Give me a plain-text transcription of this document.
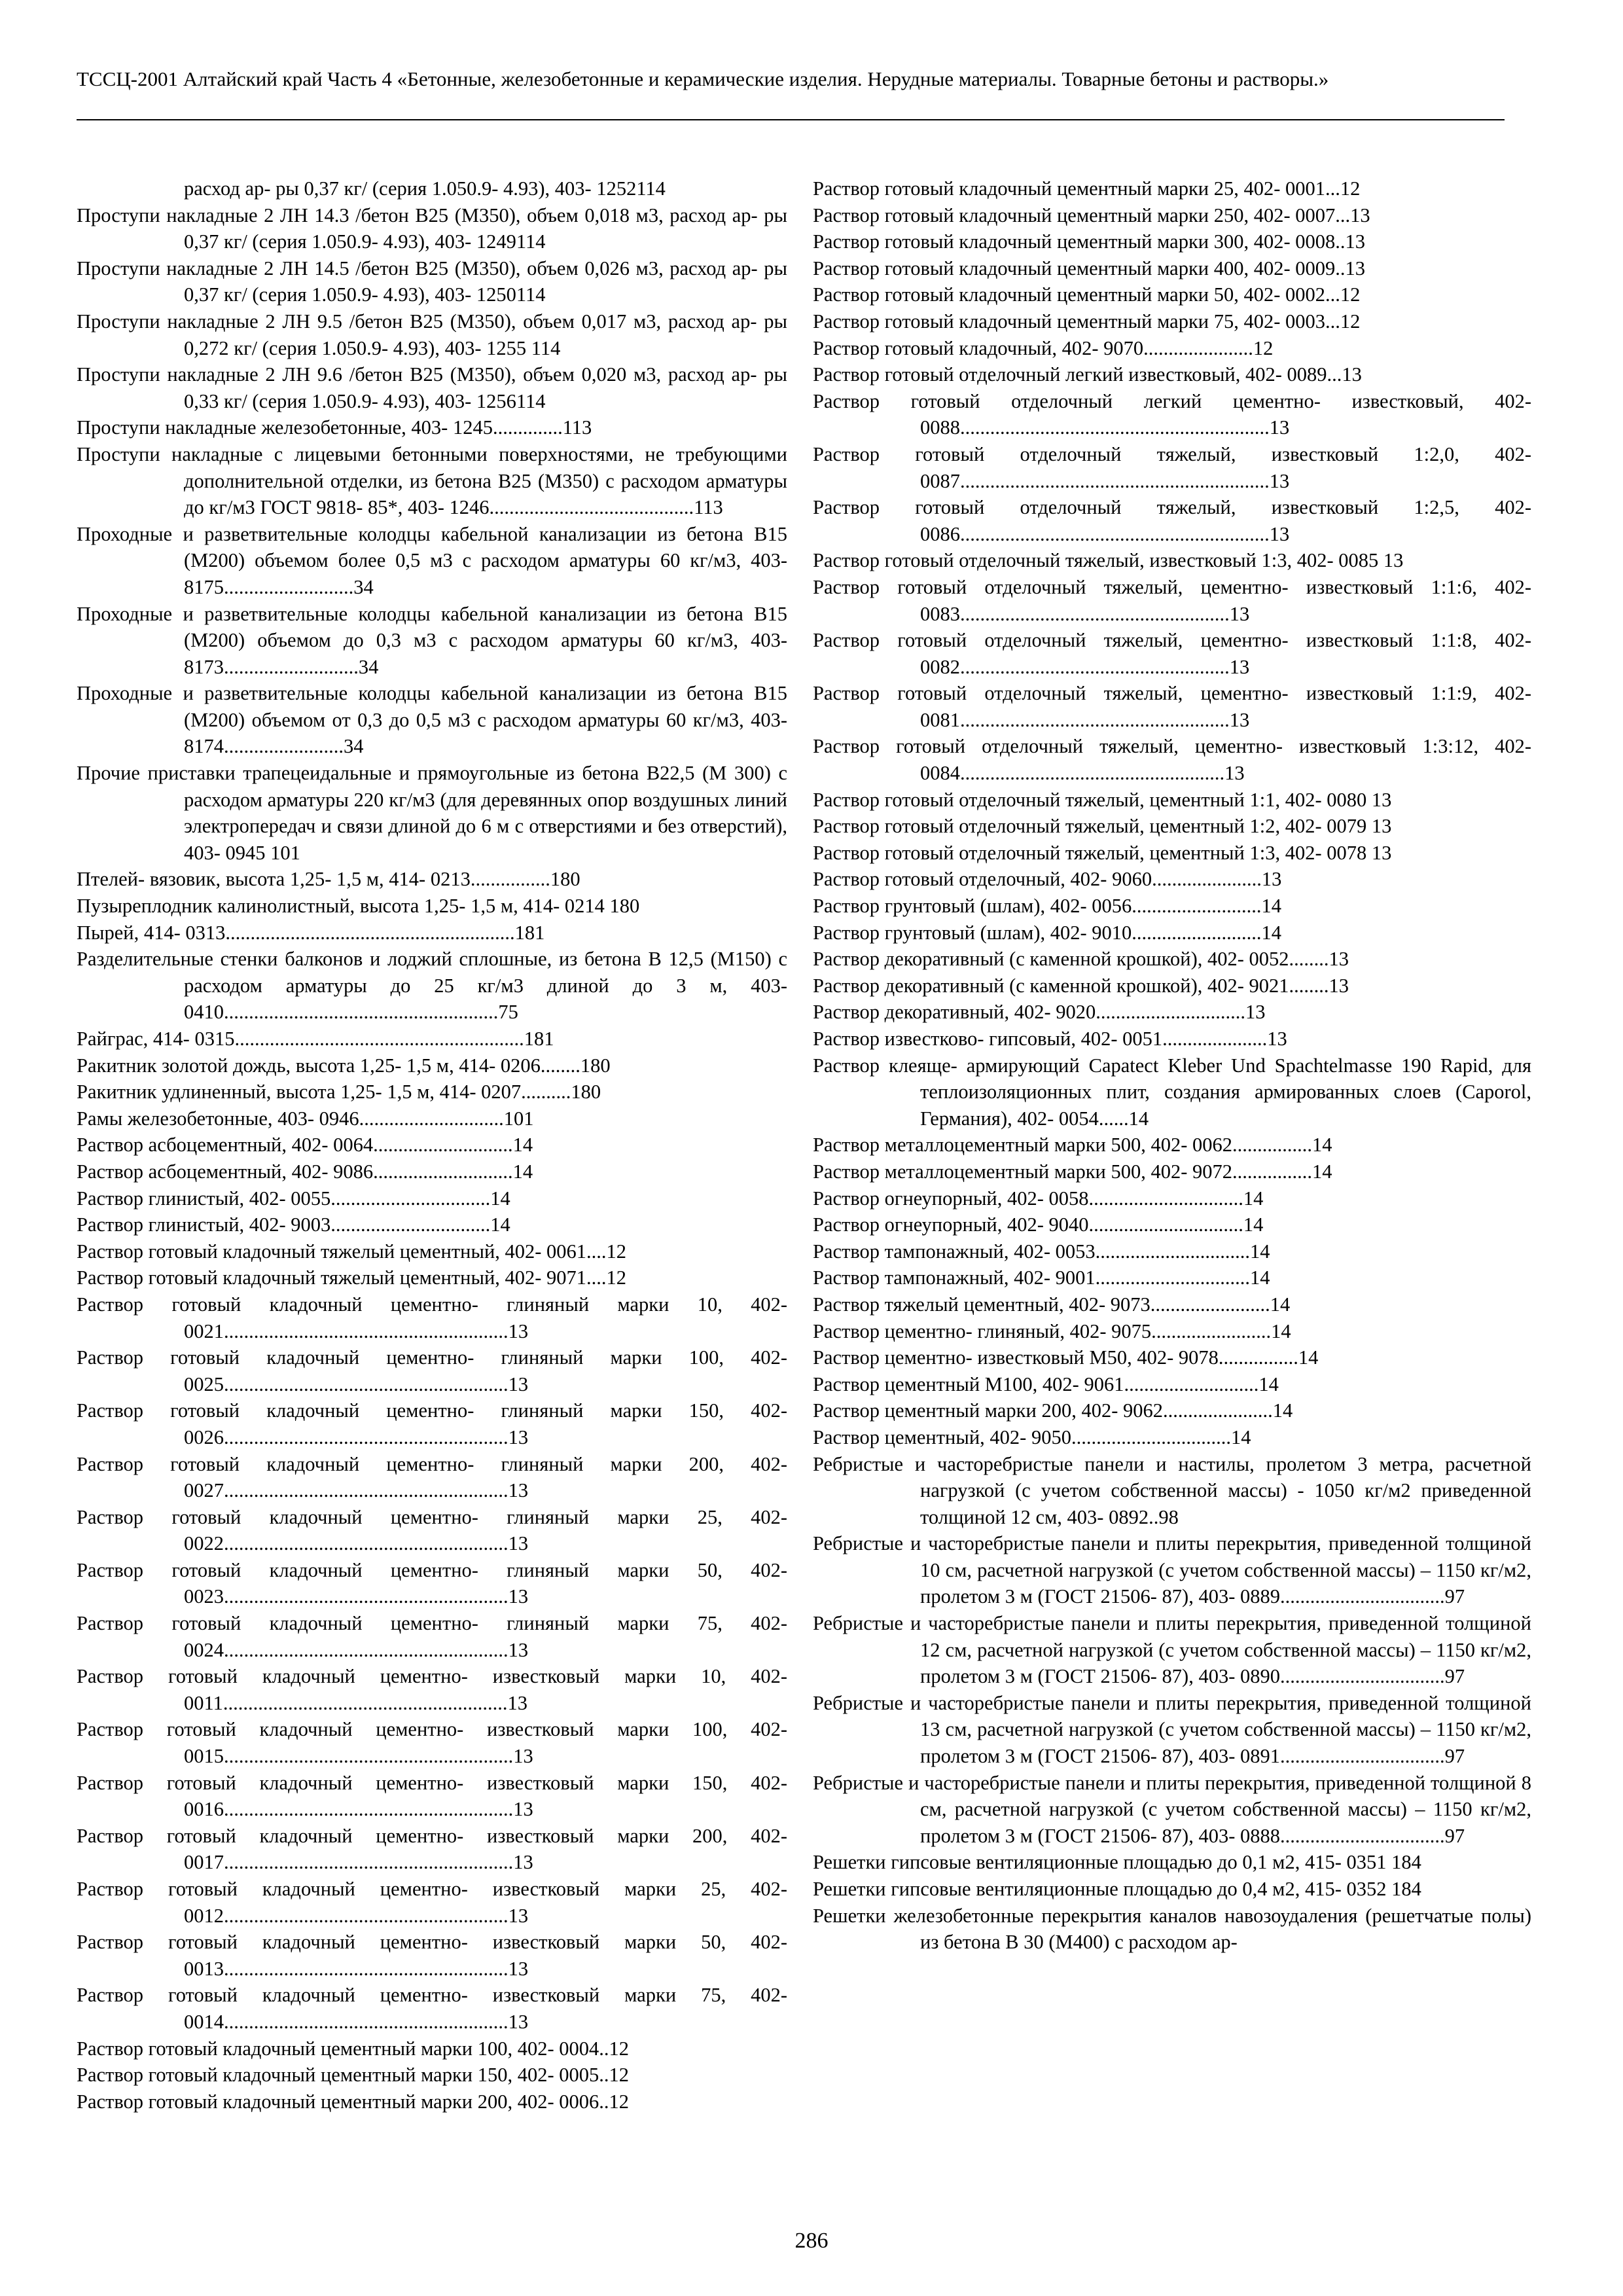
ТССЦ-2001 Алтайский край Часть 4 «Бетонные, железобетонные и керамические изделия. Нерудные материалы. Товарные бетоны и растворы.»

расход ар- ры 0,37 кг/ (серия 1.050.9- 4.93), 403- 1252114

Проступи накладные 2 ЛН 14.3 /бетон В25 (М350), объем 0,018 м3, расход ар- ры 0,37 кг/ (серия 1.050.9- 4.93), 403- 1249114

Проступи накладные 2 ЛН 14.5 /бетон В25 (М350), объем 0,026 м3, расход ар- ры 0,37 кг/ (серия 1.050.9- 4.93), 403- 1250114

Проступи накладные 2 ЛН 9.5 /бетон В25 (М350), объем 0,017 м3, расход ар- ры 0,272 кг/ (серия 1.050.9- 4.93), 403- 1255 114

Проступи накладные 2 ЛН 9.6 /бетон В25 (М350), объем 0,020 м3, расход ар- ры 0,33 кг/ (серия 1.050.9- 4.93), 403- 1256114

Проступи накладные железобетонные, 403- 1245..............113

Проступи накладные с лицевыми бетонными поверхностями, не требующими дополнительной отделки, из бетона В25 (М350) с расходом арматуры до кг/м3 ГОСТ 9818- 85*, 403- 1246.........................................113

Проходные и разветвительные колодцы кабельной канализации из бетона В15 (М200) объемом более 0,5 м3 с расходом арматуры 60 кг/м3, 403- 8175..........................34

Проходные и разветвительные колодцы кабельной канализации из бетона В15 (М200) объемом до 0,3 м3 с расходом арматуры 60 кг/м3, 403- 8173...........................34

Проходные и разветвительные колодцы кабельной канализации из бетона В15 (М200) объемом от 0,3 до 0,5 м3 с расходом арматуры 60 кг/м3, 403- 8174........................34

Прочие приставки трапецеидальные и прямоугольные из бетона В22,5 (М 300) с расходом арматуры 220 кг/м3 (для деревянных опор воздушных линий электропередач и связи длиной до 6 м с отверстиями и без отверстий), 403- 0945 101

Птелей- вязовик, высота 1,25- 1,5 м, 414- 0213................180

Пузыреплодник калинолистный, высота 1,25- 1,5 м, 414- 0214 180

Пырей, 414- 0313..........................................................181

Разделительные стенки балконов и лоджий сплошные, из бетона В 12,5 (М150) с расходом арматуры до 25 кг/м3 длиной до 3 м, 403- 0410.......................................................75

Райграс, 414- 0315..........................................................181

Ракитник золотой дождь, высота 1,25- 1,5 м, 414- 0206........180

Ракитник удлиненный, высота 1,25- 1,5 м, 414- 0207..........180

Рамы железобетонные, 403- 0946.............................101

Раствор асбоцементный, 402- 0064............................14

Раствор асбоцементный, 402- 9086............................14

Раствор глинистый, 402- 0055................................14

Раствор глинистый, 402- 9003................................14

Раствор готовый кладочный тяжелый цементный, 402- 0061....12

Раствор готовый кладочный тяжелый цементный, 402- 9071....12

Раствор готовый кладочный цементно- глиняный марки 10, 402- 0021.........................................................13

Раствор готовый кладочный цементно- глиняный марки 100, 402- 0025.........................................................13

Раствор готовый кладочный цементно- глиняный марки 150, 402- 0026.........................................................13

Раствор готовый кладочный цементно- глиняный марки 200, 402- 0027.........................................................13

Раствор готовый кладочный цементно- глиняный марки 25, 402- 0022.........................................................13

Раствор готовый кладочный цементно- глиняный марки 50, 402- 0023.........................................................13

Раствор готовый кладочный цементно- глиняный марки 75, 402- 0024.........................................................13

Раствор готовый кладочный цементно- известковый марки 10, 402- 0011.........................................................13

Раствор готовый кладочный цементно- известковый марки 100, 402- 0015..........................................................13

Раствор готовый кладочный цементно- известковый марки 150, 402- 0016..........................................................13

Раствор готовый кладочный цементно- известковый марки 200, 402- 0017..........................................................13

Раствор готовый кладочный цементно- известковый марки 25, 402- 0012.........................................................13

Раствор готовый кладочный цементно- известковый марки 50, 402- 0013.........................................................13

Раствор готовый кладочный цементно- известковый марки 75, 402- 0014.........................................................13

Раствор готовый кладочный цементный марки 100, 402- 0004..12

Раствор готовый кладочный цементный марки 150, 402- 0005..12

Раствор готовый кладочный цементный марки 200, 402- 0006..12

Раствор готовый кладочный цементный марки 25, 402- 0001...12

Раствор готовый кладочный цементный марки 250, 402- 0007...13

Раствор готовый кладочный цементный марки 300, 402- 0008..13

Раствор готовый кладочный цементный марки 400, 402- 0009..13

Раствор готовый кладочный цементный марки 50, 402- 0002...12

Раствор готовый кладочный цементный марки 75, 402- 0003...12

Раствор готовый кладочный, 402- 9070......................12

Раствор готовый отделочный легкий известковый, 402- 0089...13

Раствор готовый отделочный легкий цементно- известковый, 402- 0088..............................................................13

Раствор готовый отделочный тяжелый, известковый 1:2,0, 402- 0087..............................................................13

Раствор готовый отделочный тяжелый, известковый 1:2,5, 402- 0086..............................................................13

Раствор готовый отделочный тяжелый, известковый 1:3, 402- 0085 13

Раствор готовый отделочный тяжелый, цементно- известковый 1:1:6, 402- 0083......................................................13

Раствор готовый отделочный тяжелый, цементно- известковый 1:1:8, 402- 0082......................................................13

Раствор готовый отделочный тяжелый, цементно- известковый 1:1:9, 402- 0081......................................................13

Раствор готовый отделочный тяжелый, цементно- известковый 1:3:12, 402- 0084.....................................................13

Раствор готовый отделочный тяжелый, цементный 1:1, 402- 0080 13

Раствор готовый отделочный тяжелый, цементный 1:2, 402- 0079 13

Раствор готовый отделочный тяжелый, цементный 1:3, 402- 0078 13

Раствор готовый отделочный, 402- 9060......................13

Раствор грунтовый (шлам), 402- 0056..........................14

Раствор грунтовый (шлам), 402- 9010..........................14

Раствор декоративный (с каменной крошкой), 402- 0052........13

Раствор декоративный (с каменной крошкой), 402- 9021........13

Раствор декоративный, 402- 9020..............................13

Раствор известково- гипсовый, 402- 0051.....................13

Раствор клеяще- армирующий Capatect Kleber Und Spachtelmasse 190 Rapid, для теплоизоляционных плит, создания армированных слоев (Caporol, Германия), 402- 0054......14

Раствор металлоцементный марки 500, 402- 0062................14

Раствор металлоцементный марки 500, 402- 9072................14

Раствор огнеупорный, 402- 0058...............................14

Раствор огнеупорный, 402- 9040...............................14

Раствор тампонажный, 402- 0053...............................14

Раствор тампонажный, 402- 9001...............................14

Раствор тяжелый цементный, 402- 9073........................14

Раствор цементно- глиняный, 402- 9075........................14

Раствор цементно- известковый М50, 402- 9078................14

Раствор цементный М100, 402- 9061...........................14

Раствор цементный марки 200, 402- 9062......................14

Раствор цементный, 402- 9050................................14

Ребристые и часторебристые панели и настилы, пролетом 3 метра, расчетной нагрузкой (с учетом собственной массы) - 1050 кг/м2 приведенной толщиной 12 см, 403- 0892..98

Ребристые и часторебристые панели и плиты перекрытия, приведенной толщиной 10 см, расчетной нагрузкой (с учетом собственной массы) – 1150 кг/м2, пролетом 3 м (ГОСТ 21506- 87), 403- 0889.................................97

Ребристые и часторебристые панели и плиты перекрытия, приведенной толщиной 12 см, расчетной нагрузкой (с учетом собственной массы) – 1150 кг/м2, пролетом 3 м (ГОСТ 21506- 87), 403- 0890.................................97

Ребристые и часторебристые панели и плиты перекрытия, приведенной толщиной 13 см, расчетной нагрузкой (с учетом собственной массы) – 1150 кг/м2, пролетом 3 м (ГОСТ 21506- 87), 403- 0891.................................97

Ребристые и часторебристые панели и плиты перекрытия, приведенной толщиной 8 см, расчетной нагрузкой (с учетом собственной массы) – 1150 кг/м2, пролетом 3 м (ГОСТ 21506- 87), 403- 0888.................................97

Решетки гипсовые вентиляционные площадью до 0,1 м2, 415- 0351 184

Решетки гипсовые вентиляционные площадью до 0,4 м2, 415- 0352 184

Решетки железобетонные перекрытия каналов навозоудаления (решетчатые полы) из бетона В 30 (М400) с расходом ар-

286
